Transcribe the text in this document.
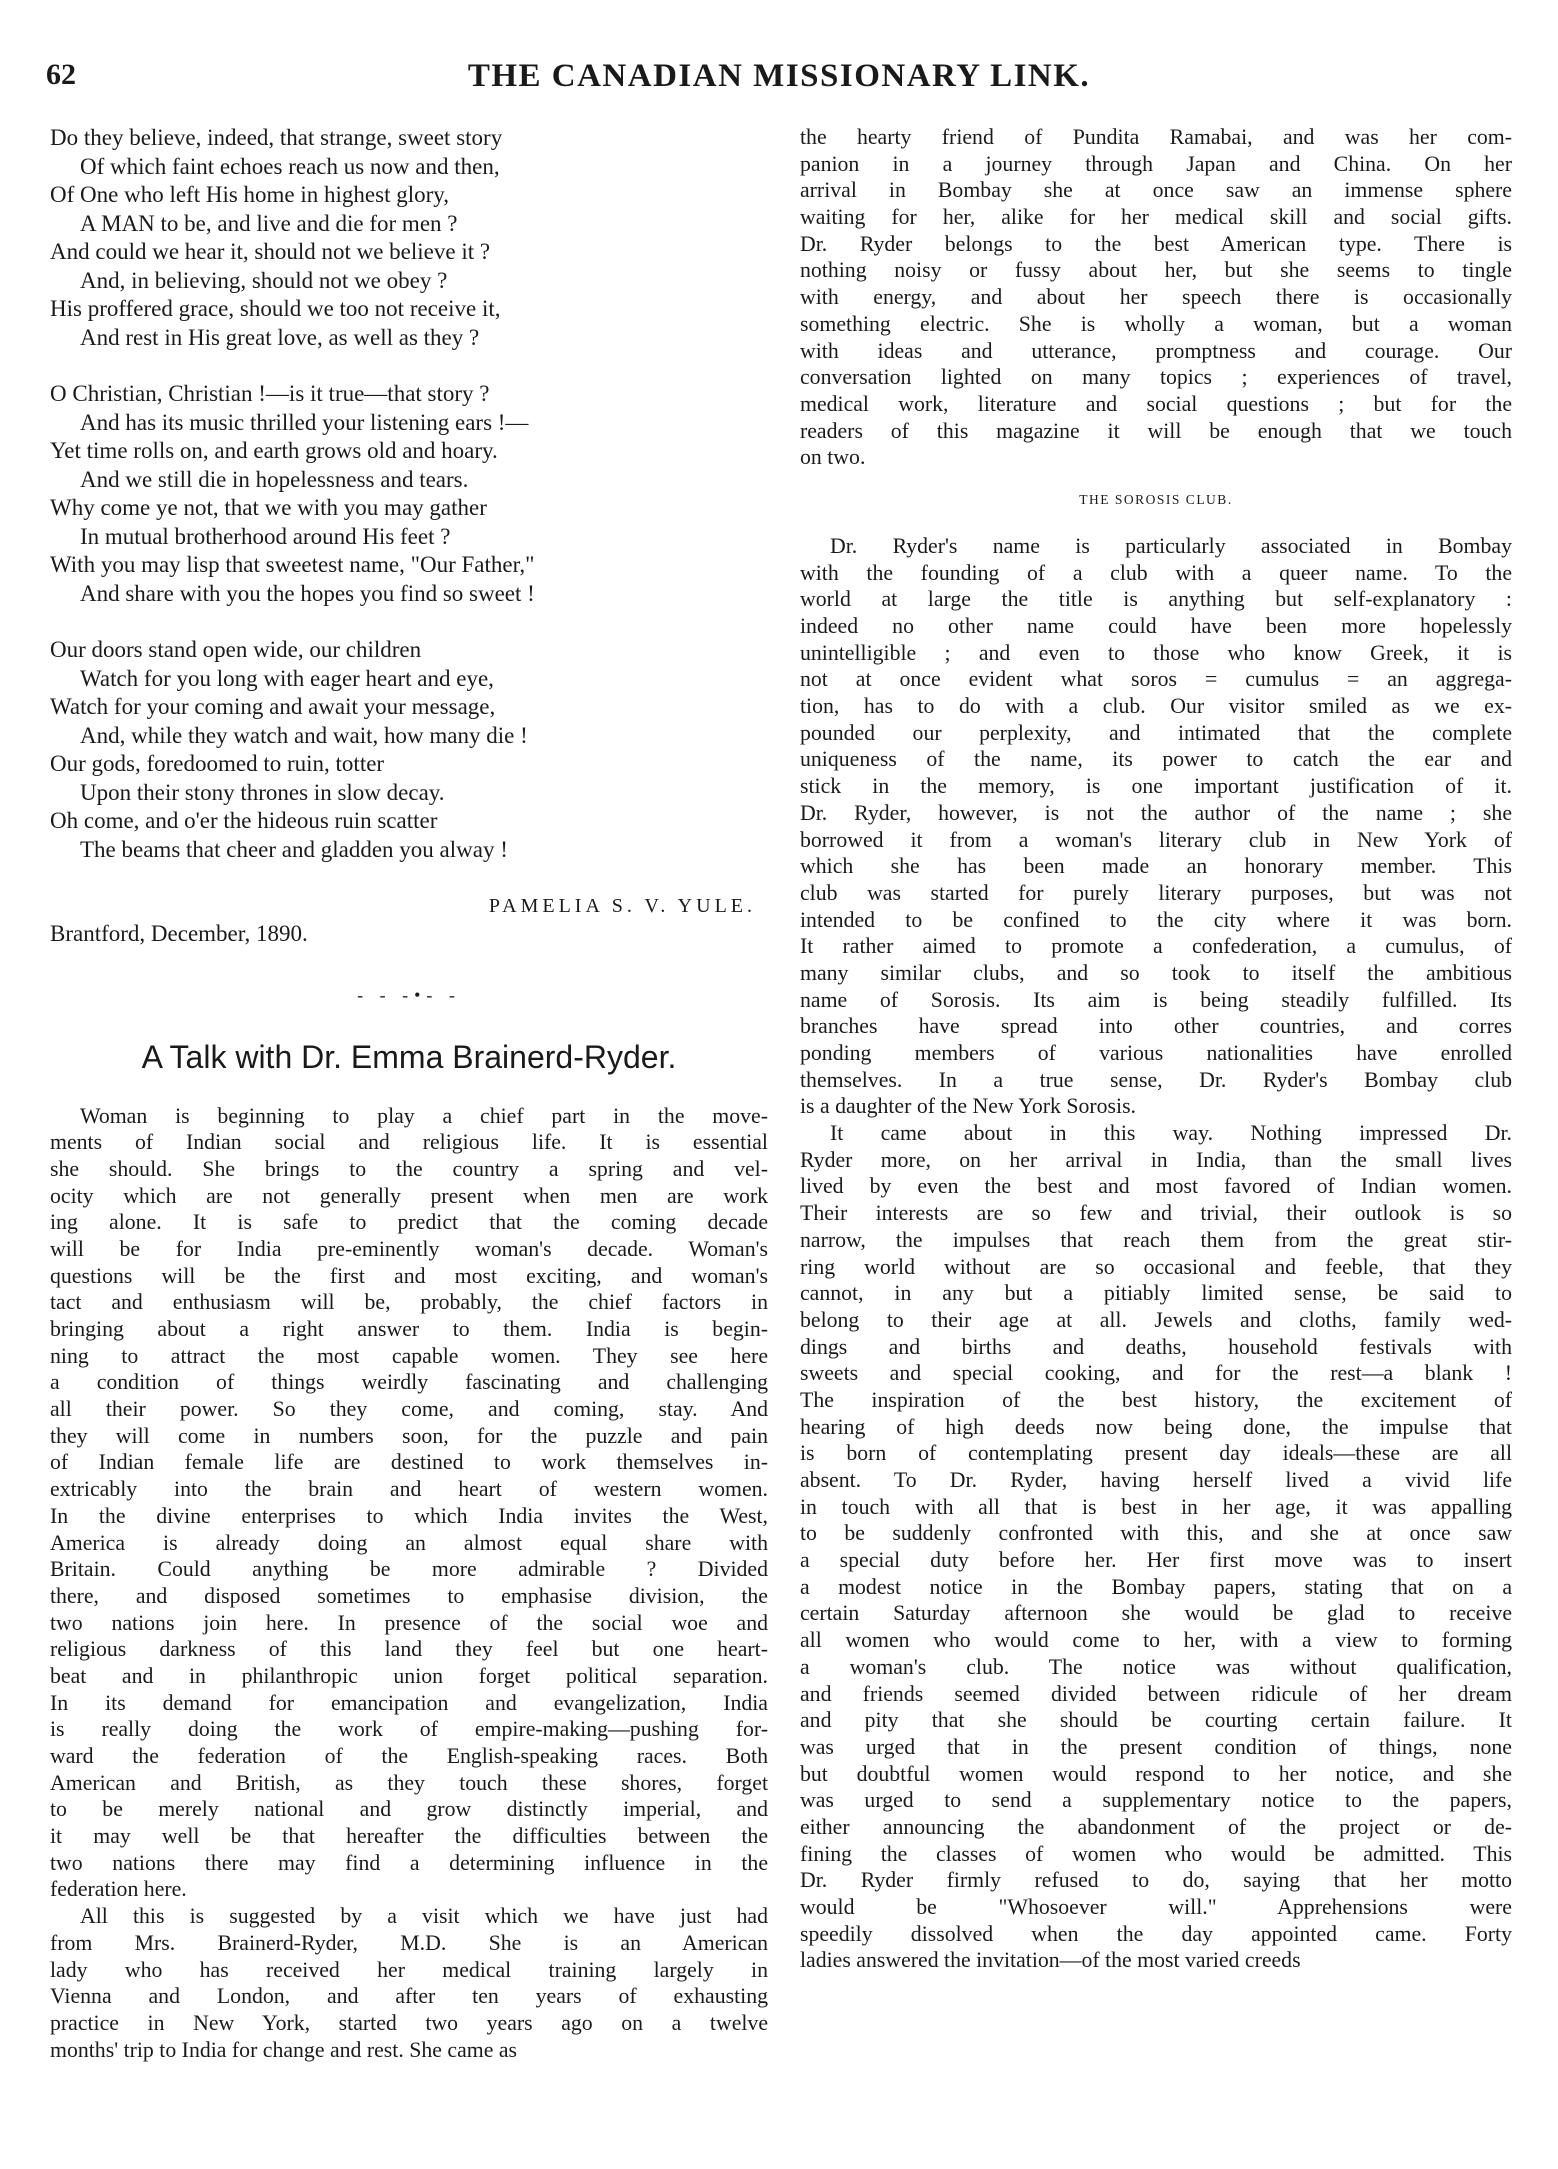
62	THE CANADIAN MISSIONARY LINK.
Do they believe, indeed, that strange, sweet story
Of which faint echoes reach us now and then,
Of One who left His home in highest glory,
A MAN to be, and live and die for men ?
And could we hear it, should not we believe it ?
And, in believing, should not we obey ?
His proffered grace, should we too not receive it,
And rest in His great love, as well as they ?
O Christian, Christian !—is it true—that story ?
And has its music thrilled your listening ears !—
Yet time rolls on, and earth grows old and hoary.
And we still die in hopelessness and tears.
Why come ye not, that we with you may gather
In mutual brotherhood around His feet ?
With you may lisp that sweetest name, "Our Father,"
And share with you the hopes you find so sweet !
Our doors stand open wide, our children
Watch for you long with eager heart and eye,
Watch for your coming and await your message,
And, while they watch and wait, how many die !
Our gods, foredoomed to ruin, totter
Upon their stony thrones in slow decay.
Oh come, and o'er the hideous ruin scatter
The beams that cheer and gladden you alway !
PAMELIA S. V. YULE.
Brantford, December, 1890.
- - -•- -
A Talk with Dr. Emma Brainerd-Ryder.
Woman is beginning to play a chief part in the move-
ments of Indian social and religious life. It is essential
she should. She brings to the country a spring and vel-
ocity which are not generally present when men are work
ing alone. It is safe to predict that the coming decade
will be for India pre-eminently woman's decade. Woman's
questions will be the first and most exciting, and woman's
tact and enthusiasm will be, probably, the chief factors in
bringing about a right answer to them. India is begin-
ning to attract the most capable women. They see here
a condition of things weirdly fascinating and challenging
all their power. So they come, and coming, stay. And
they will come in numbers soon, for the puzzle and pain
of Indian female life are destined to work themselves in-
extricably into the brain and heart of western women.
In the divine enterprises to which India invites the West,
America is already doing an almost equal share with
Britain. Could anything be more admirable ? Divided
there, and disposed sometimes to emphasise division, the
two nations join here. In presence of the social woe and
religious darkness of this land they feel but one heart-
beat and in philanthropic union forget political separation.
In its demand for emancipation and evangelization, India
is really doing the work of empire-making—pushing for-
ward the federation of the English-speaking races. Both
American and British, as they touch these shores, forget
to be merely national and grow distinctly imperial, and
it may well be that hereafter the difficulties between the
two nations there may find a determining influence in the
federation here.
All this is suggested by a visit which we have just had
from Mrs. Brainerd-Ryder, M.D. She is an American
lady who has received her medical training largely in
Vienna and London, and after ten years of exhausting
practice in New York, started two years ago on a twelve
months' trip to India for change and rest. She came as
the hearty friend of Pundita Ramabai, and was her com-
panion in a journey through Japan and China. On her
arrival in Bombay she at once saw an immense sphere
waiting for her, alike for her medical skill and social gifts.
Dr. Ryder belongs to the best American type. There is
nothing noisy or fussy about her, but she seems to tingle
with energy, and about her speech there is occasionally
something electric. She is wholly a woman, but a woman
with ideas and utterance, promptness and courage. Our
conversation lighted on many topics ; experiences of travel,
medical work, literature and social questions ; but for the
readers of this magazine it will be enough that we touch
on two.
THE SOROSIS CLUB.
Dr. Ryder's name is particularly associated in Bombay
with the founding of a club with a queer name. To the
world at large the title is anything but self-explanatory :
indeed no other name could have been more hopelessly
unintelligible ; and even to those who know Greek, it is
not at once evident what soros = cumulus = an aggrega-
tion, has to do with a club. Our visitor smiled as we ex-
pounded our perplexity, and intimated that the complete
uniqueness of the name, its power to catch the ear and
stick in the memory, is one important justification of it.
Dr. Ryder, however, is not the author of the name ; she
borrowed it from a woman's literary club in New York of
which she has been made an honorary member. This
club was started for purely literary purposes, but was not
intended to be confined to the city where it was born.
It rather aimed to promote a confederation, a cumulus, of
many similar clubs, and so took to itself the ambitious
name of Sorosis. Its aim is being steadily fulfilled. Its
branches have spread into other countries, and corres
ponding members of various nationalities have enrolled
themselves. In a true sense, Dr. Ryder's Bombay club
is a daughter of the New York Sorosis.
It came about in this way. Nothing impressed Dr.
Ryder more, on her arrival in India, than the small lives
lived by even the best and most favored of Indian women.
Their interests are so few and trivial, their outlook is so
narrow, the impulses that reach them from the great stir-
ring world without are so occasional and feeble, that they
cannot, in any but a pitiably limited sense, be said to
belong to their age at all. Jewels and cloths, family wed-
dings and births and deaths, household festivals with
sweets and special cooking, and for the rest—a blank !
The inspiration of the best history, the excitement of
hearing of high deeds now being done, the impulse that
is born of contemplating present day ideals—these are all
absent. To Dr. Ryder, having herself lived a vivid life
in touch with all that is best in her age, it was appalling
to be suddenly confronted with this, and she at once saw
a special duty before her. Her first move was to insert
a modest notice in the Bombay papers, stating that on a
certain Saturday afternoon she would be glad to receive
all women who would come to her, with a view to forming
a woman's club. The notice was without qualification,
and friends seemed divided between ridicule of her dream
and pity that she should be courting certain failure. It
was urged that in the present condition of things, none
but doubtful women would respond to her notice, and she
was urged to send a supplementary notice to the papers,
either announcing the abandonment of the project or de-
fining the classes of women who would be admitted. This
Dr. Ryder firmly refused to do, saying that her motto
would be "Whosoever will." Apprehensions were
speedily dissolved when the day appointed came. Forty
ladies answered the invitation—of the most varied creeds
